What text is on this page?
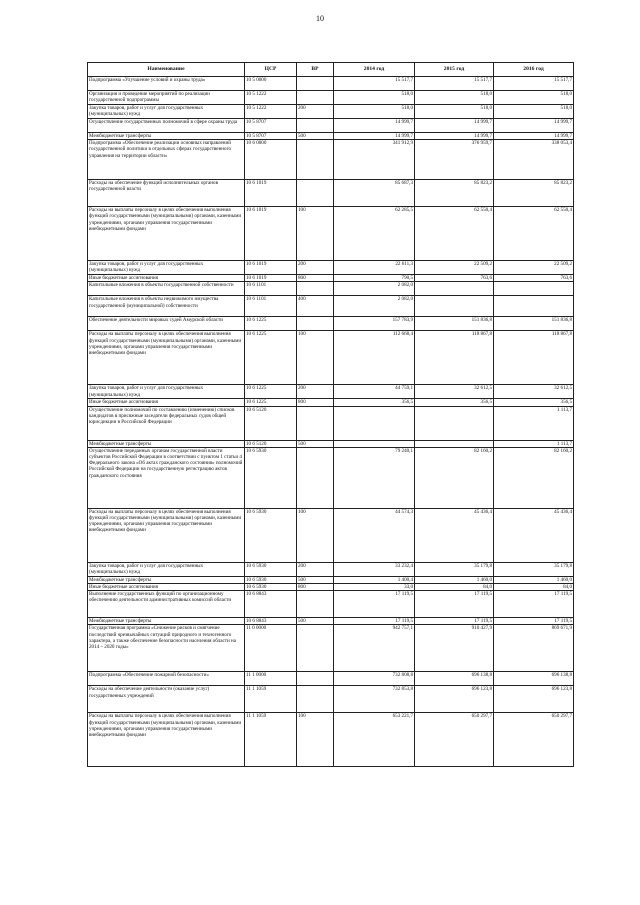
10
Наименование	ЦСР	ВР	2014 год	2015 год	2016 год
Подпрограмма «Улучшение условий и охраны труда»	10 5 0000		15 517,7	15 517,7	15 517,7
Организация и проведение мероприятий по реализации государственной подпрограммы	10 5 1222		518,0	518,0	518,0
Закупка товаров, работ и услуг для государственных (муниципальных) нужд	10 5 1222	200	518,0	518,0	518,0
Осуществление государственных полномочий в сфере охраны труда	10 5 8707		14 999,7	14 999,7	14 999,7
Межбюджетные трансферты	10 5 8707	500	14 999,7	14 999,7	14 999,7
Подпрограмма «Обеспечение реализации основных направлений государственной политики в отдельных сферах государственного управления на территории области»	10 6 0000		341 912,9	376 959,7	338 053,4
Расходы на обеспечение функций исполнительных органов государственной власти	10 6 1019		85 687,3	85 823,2	85 823,2
Расходы на выплаты персоналу в целях обеспечения выполнения функций государственными (муниципальными) органами, казенными учреждениями, органами управления государственными внебюджетными фондами	10 6 1019	100	62 285,5	62 550,4	62 550,4
Закупка товаров, работ и услуг для государственных (муниципальных) нужд	10 6 1019	200	22 611,3	22 509,2	22 509,2
Иные бюджетные ассигнования	10 6 1019	800	790,5	763,6	763,6
Капитальные вложения в объекты государственной собственности	10 6 1101		2 082,0		
Капитальные вложения в объекты недвижимого имущества государственной (муниципальной) собственности	10 6 1101	400	2 082,0		
Обеспечение деятельности мировых судей Амурской области	10 6 1225		157 783,9	151 836,8	151 836,8
Расходы на выплаты персоналу в целях обеспечения выполнения функций государственными (муниципальными) органами, казенными учреждениями, органами управления государственными внебюджетными фондами	10 6 1225	100	112 668,4	118 867,8	118 867,8
Закупка товаров, работ и услуг для государственных (муниципальных) нужд	10 6 1225	200	44 759,1	32 612,5	32 612,5
Иные бюджетные ассигнования	10 6 1225	800	356,5	356,5	356,5
Осуществление полномочий по составлению (изменению) списков кандидатов в присяжные заседатели федеральных судов общей юрисдикции в Российской Федерации	10 6 5120				1 113,7
Межбюджетные трансферты	10 6 5120	500			1 113,7
Осуществление переданных органам государственной власти субъектов Российской Федерации в соответствии с пунктом 1 статьи 4 Федерального закона «Об актах гражданского состояния» полномочий Российской Федерации на государственную регистрацию актов гражданского состояния	10 6 5930		79 240,1	82 160,2	82 160,2
Расходы на выплаты персоналу в целях обеспечения выполнения функций государственными (муниципальными) органами, казенными учреждениями, органами управления государственными внебюджетными фондами	10 6 5930	100	44 574,3	45 436,4	45 436,4
Закупка товаров, работ и услуг для государственных (муниципальных) нужд	10 6 5930	200	33 232,4	35 179,8	35 179,8
Межбюджетные трансферты	10 6 5930	500	1 400,4	1 460,0	1 460,0
Иные бюджетные ассигнования	10 6 5930	800	33,0	84,0	84,0
Выполнение государственных функций по организационному обеспечению деятельности административных комиссий области	10 6 8843		17 119,5	17 119,5	17 119,5
Межбюджетные трансферты	10 6 8843	500	17 119,5	17 119,5	17 119,5
Государственная программа «Снижение рисков и смягчение последствий чрезвычайных ситуаций природного и техногенного характера, а также обеспечение безопасности населения области на 2014 – 2020 годы»	11 0 0000		942 757,1	910 427,9	869 671,9
Подпрограмма «Обеспечение пожарной безопасности»	11 1 0000		732 808,8	696 138,8	696 138,8
Расходы на обеспечение деятельности (оказание услуг) государственных учреждений	11 1 1059		732 853,8	696 123,8	696 123,8
Расходы на выплаты персоналу в целях обеспечения выполнения функций государственными (муниципальными) органами, казенными учреждениями, органами управления государственными внебюджетными фондами	11 1 1059	100	653 221,7	650 297,7	650 297,7
